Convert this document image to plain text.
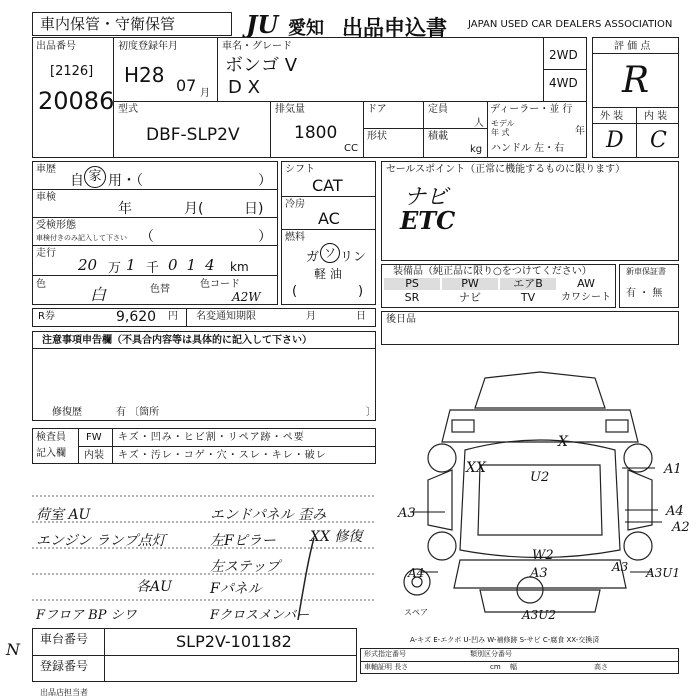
車内保管・守衛保管	JU 愛知 出品申込書 JAPAN USED CAR DEALERS ASSOCIATION
出品番号
[2126]
20086
初度登録年月
H28 07 月
車名・グレード
ボンゴ V
D X
2WD
4WD
型式
DBF-SLP2V
排気量
1800
CC
ドア
形状
定員
人
積載
kg
ディーラー・並 行
モデル
年 式	年
ハンドル 左・右
評 価 点
R
外 装 内 装
D C
車歴
自 家 用・（	）
車検
年	月(	日)
受検形態
車検付きのみ記入して下さい （	）
走行
20 万 1 千 014 km
色
白	色替	色コード
A2W
シフト
CAT
冷房
AC
燃料
ガ ソ リン
軽 油
(	)
セールスポイント（正常に機能するものに限ります）
ナビ
ETC
装備品（純正品に限り○をつけてください）
PS	PW	エアB	AW
SR	ナビ	TV	カワシート
新車保証書
有 ・ 無
R券	9,620 円 名変通知期限	月	日 後日品
注意事項申告欄（不具合内容等は具体的に記入して下さい）
修復歴	有 〔箇所	〕
検査員
記入欄
FW キズ・凹み・ヒビ割・リペア跡・ペ要
内装 キズ・汚レ・コゲ・穴・スレ・キレ・破レ
荷室 AU	エンドパネル 歪み
エンジン ランプ点灯	左Fピラー XX 修復
左ステップ
各AU	Fパネル
Fフロア BP シワ	Fクロスメンバー
X
XX
U2
A1
A4
A2
A3
W2
A3	A3 A3U1
A3U2
A4
スペア
A-キズ E-エクボ U-凹み W-補修跡 S-サビ C-腐食 XX-交換済
形式指定番号	類別区分番号
車軸証明 長さ	cm 幅	高さ
車台番号	SLP2V-101182
登録番号
出品店担当者
N
